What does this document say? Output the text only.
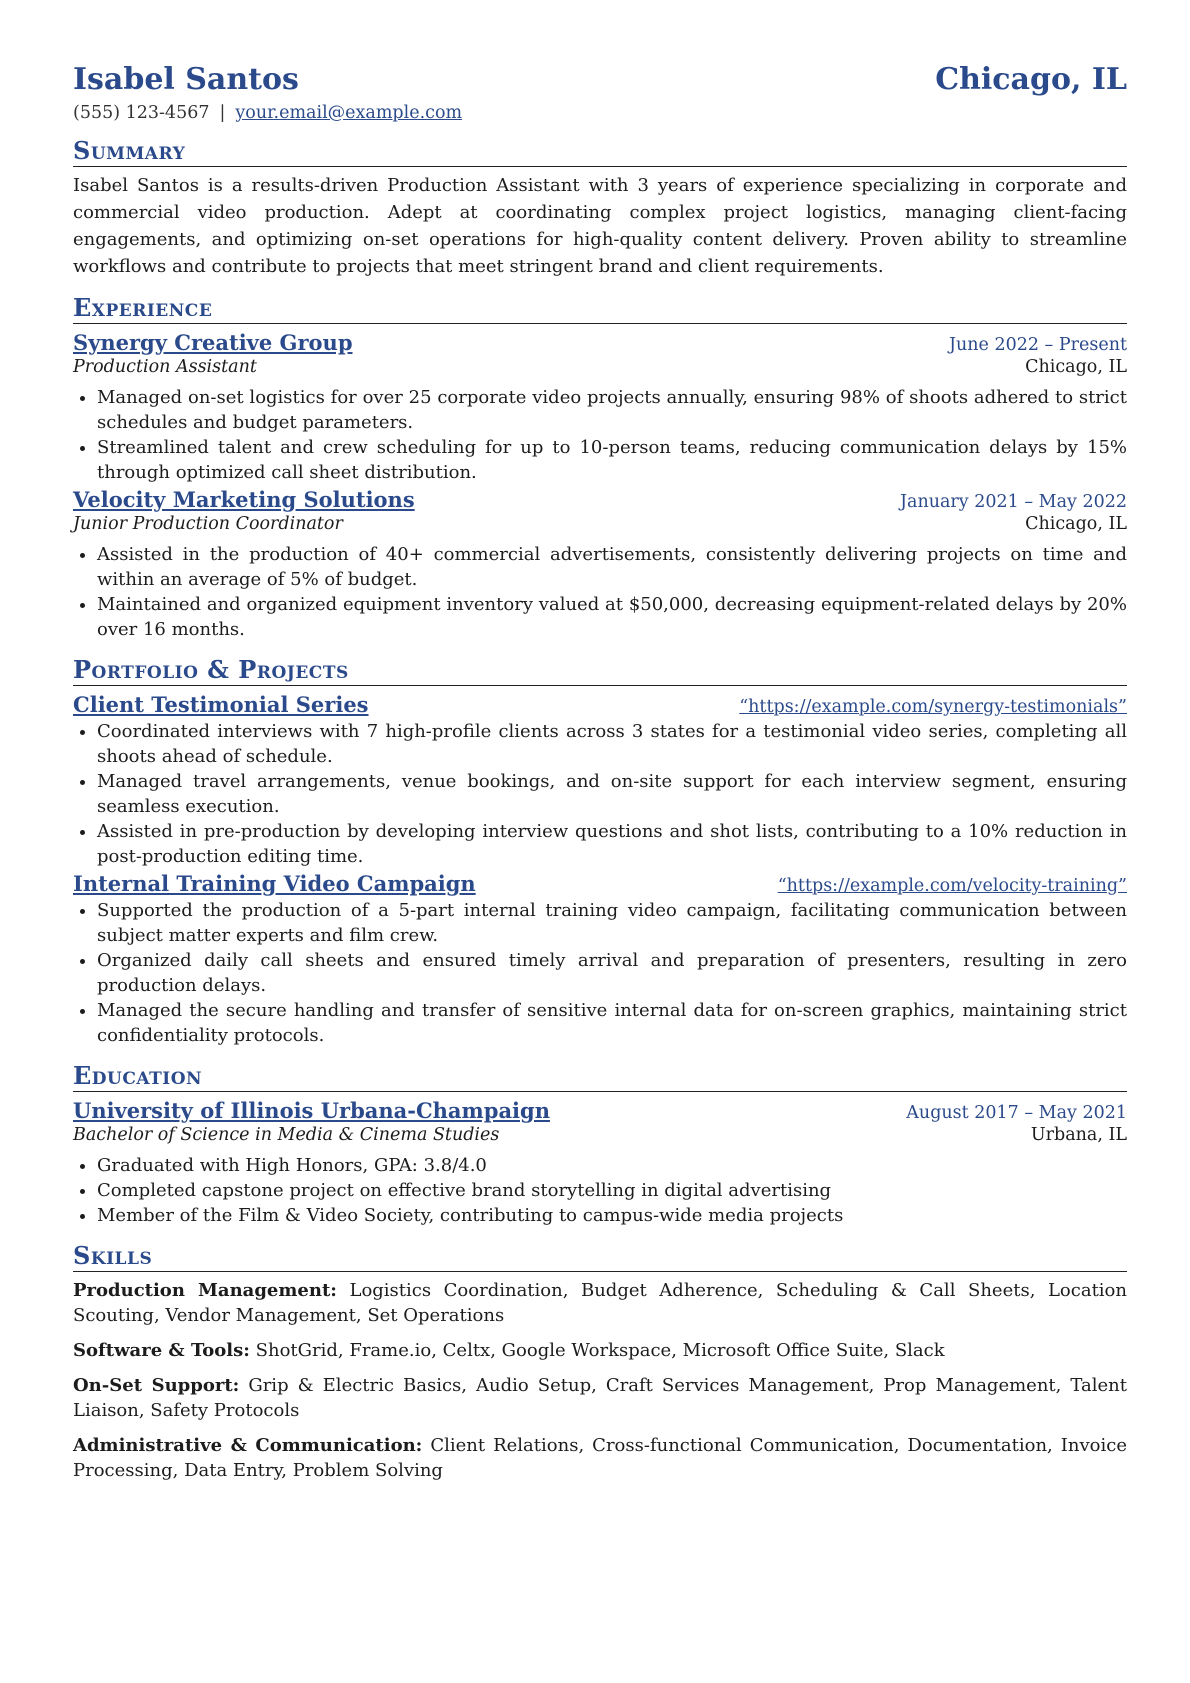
Isabel Santos	Chicago, IL
(555) 123-4567 | your.email@example.com
Summary
Isabel Santos is a results-driven Production Assistant with 3 years of experience specializing in corporate and commercial video production. Adept at coordinating complex project logistics, managing client-facing engagements, and optimizing on-set operations for high-quality content delivery. Proven ability to streamline workflows and contribute to projects that meet stringent brand and client requirements.
Experience
Synergy Creative Group	June 2022 – Present
Production Assistant	Chicago, IL
• Managed on-set logistics for over 25 corporate video projects annually, ensuring 98% of shoots adhered to strict schedules and budget parameters.
• Streamlined talent and crew scheduling for up to 10-person teams, reducing communication delays by 15% through optimized call sheet distribution.
Velocity Marketing Solutions	January 2021 – May 2022
Junior Production Coordinator	Chicago, IL
• Assisted in the production of 40+ commercial advertisements, consistently delivering projects on time and within an average of 5% of budget.
• Maintained and organized equipment inventory valued at $50,000, decreasing equipment-related delays by 20% over 16 months.
Portfolio & Projects
Client Testimonial Series	“https://example.com/synergy-testimonials”
• Coordinated interviews with 7 high-profile clients across 3 states for a testimonial video series, completing all shoots ahead of schedule.
• Managed travel arrangements, venue bookings, and on-site support for each interview segment, ensuring seamless execution.
• Assisted in pre-production by developing interview questions and shot lists, contributing to a 10% reduction in post-production editing time.
Internal Training Video Campaign	“https://example.com/velocity-training”
• Supported the production of a 5-part internal training video campaign, facilitating communication between subject matter experts and film crew.
• Organized daily call sheets and ensured timely arrival and preparation of presenters, resulting in zero production delays.
• Managed the secure handling and transfer of sensitive internal data for on-screen graphics, maintaining strict confidentiality protocols.
Education
University of Illinois Urbana-Champaign	August 2017 – May 2021
Bachelor of Science in Media & Cinema Studies	Urbana, IL
• Graduated with High Honors, GPA: 3.8/4.0
• Completed capstone project on effective brand storytelling in digital advertising
• Member of the Film & Video Society, contributing to campus-wide media projects
Skills
Production Management: Logistics Coordination, Budget Adherence, Scheduling & Call Sheets, Location Scouting, Vendor Management, Set Operations
Software & Tools: ShotGrid, Frame.io, Celtx, Google Workspace, Microsoft Office Suite, Slack
On-Set Support: Grip & Electric Basics, Audio Setup, Craft Services Management, Prop Management, Talent Liaison, Safety Protocols
Administrative & Communication: Client Relations, Cross-functional Communication, Documentation, Invoice Processing, Data Entry, Problem Solving
